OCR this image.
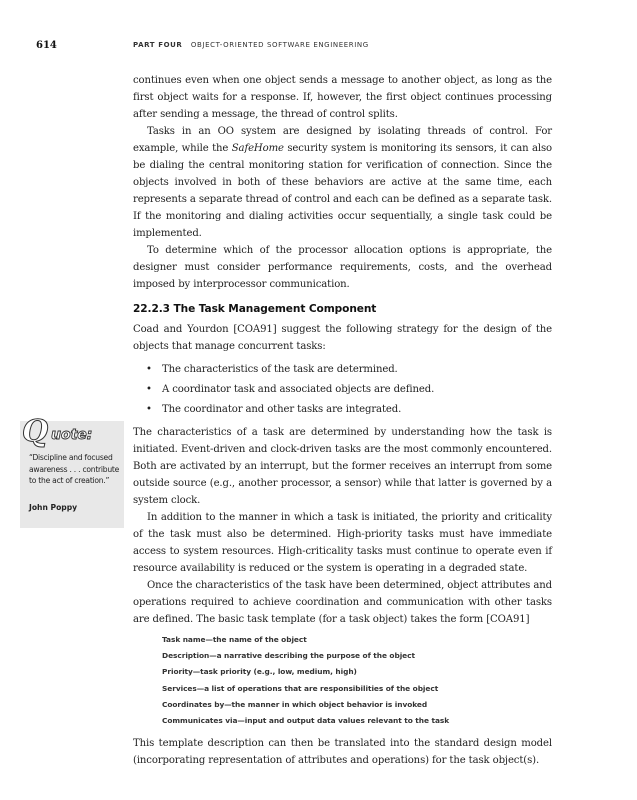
614	PART FOUR OBJECT-ORIENTED SOFTWARE ENGINEERING
Q uote:
“Discipline and focused awareness . . . contribute to the act of creation.”
John Poppy

continues even when one object sends a message to another object, as long as the first object waits for a response. If, however, the first object continues processing after sending a message, the thread of control splits.

Tasks in an OO system are designed by isolating threads of control. For example, while the SafeHome security system is monitoring its sensors, it can also be dialing the central monitoring station for verification of connection. Since the objects involved in both of these behaviors are active at the same time, each represents a separate thread of control and each can be defined as a separate task. If the monitoring and dialing activities occur sequentially, a single task could be implemented.

To determine which of the processor allocation options is appropriate, the designer must consider performance requirements, costs, and the overhead imposed by interprocessor communication.

22.2.3 The Task Management Component

Coad and Yourdon [COA91] suggest the following strategy for the design of the objects that manage concurrent tasks:

• The characteristics of the task are determined.
• A coordinator task and associated objects are defined.
• The coordinator and other tasks are integrated.

The characteristics of a task are determined by understanding how the task is initiated. Event-driven and clock-driven tasks are the most commonly encountered. Both are activated by an interrupt, but the former receives an interrupt from some outside source (e.g., another processor, a sensor) while that latter is governed by a system clock.

In addition to the manner in which a task is initiated, the priority and criticality of the task must also be determined. High-priority tasks must have immediate access to system resources. High-criticality tasks must continue to operate even if resource availability is reduced or the system is operating in a degraded state.

Once the characteristics of the task have been determined, object attributes and operations required to achieve coordination and communication with other tasks are defined. The basic task template (for a task object) takes the form [COA91]

Task name—the name of the object
Description—a narrative describing the purpose of the object
Priority—task priority (e.g., low, medium, high)
Services—a list of operations that are responsibilities of the object
Coordinates by—the manner in which object behavior is invoked
Communicates via—input and output data values relevant to the task

This template description can then be translated into the standard design model (incorporating representation of attributes and operations) for the task object(s).
